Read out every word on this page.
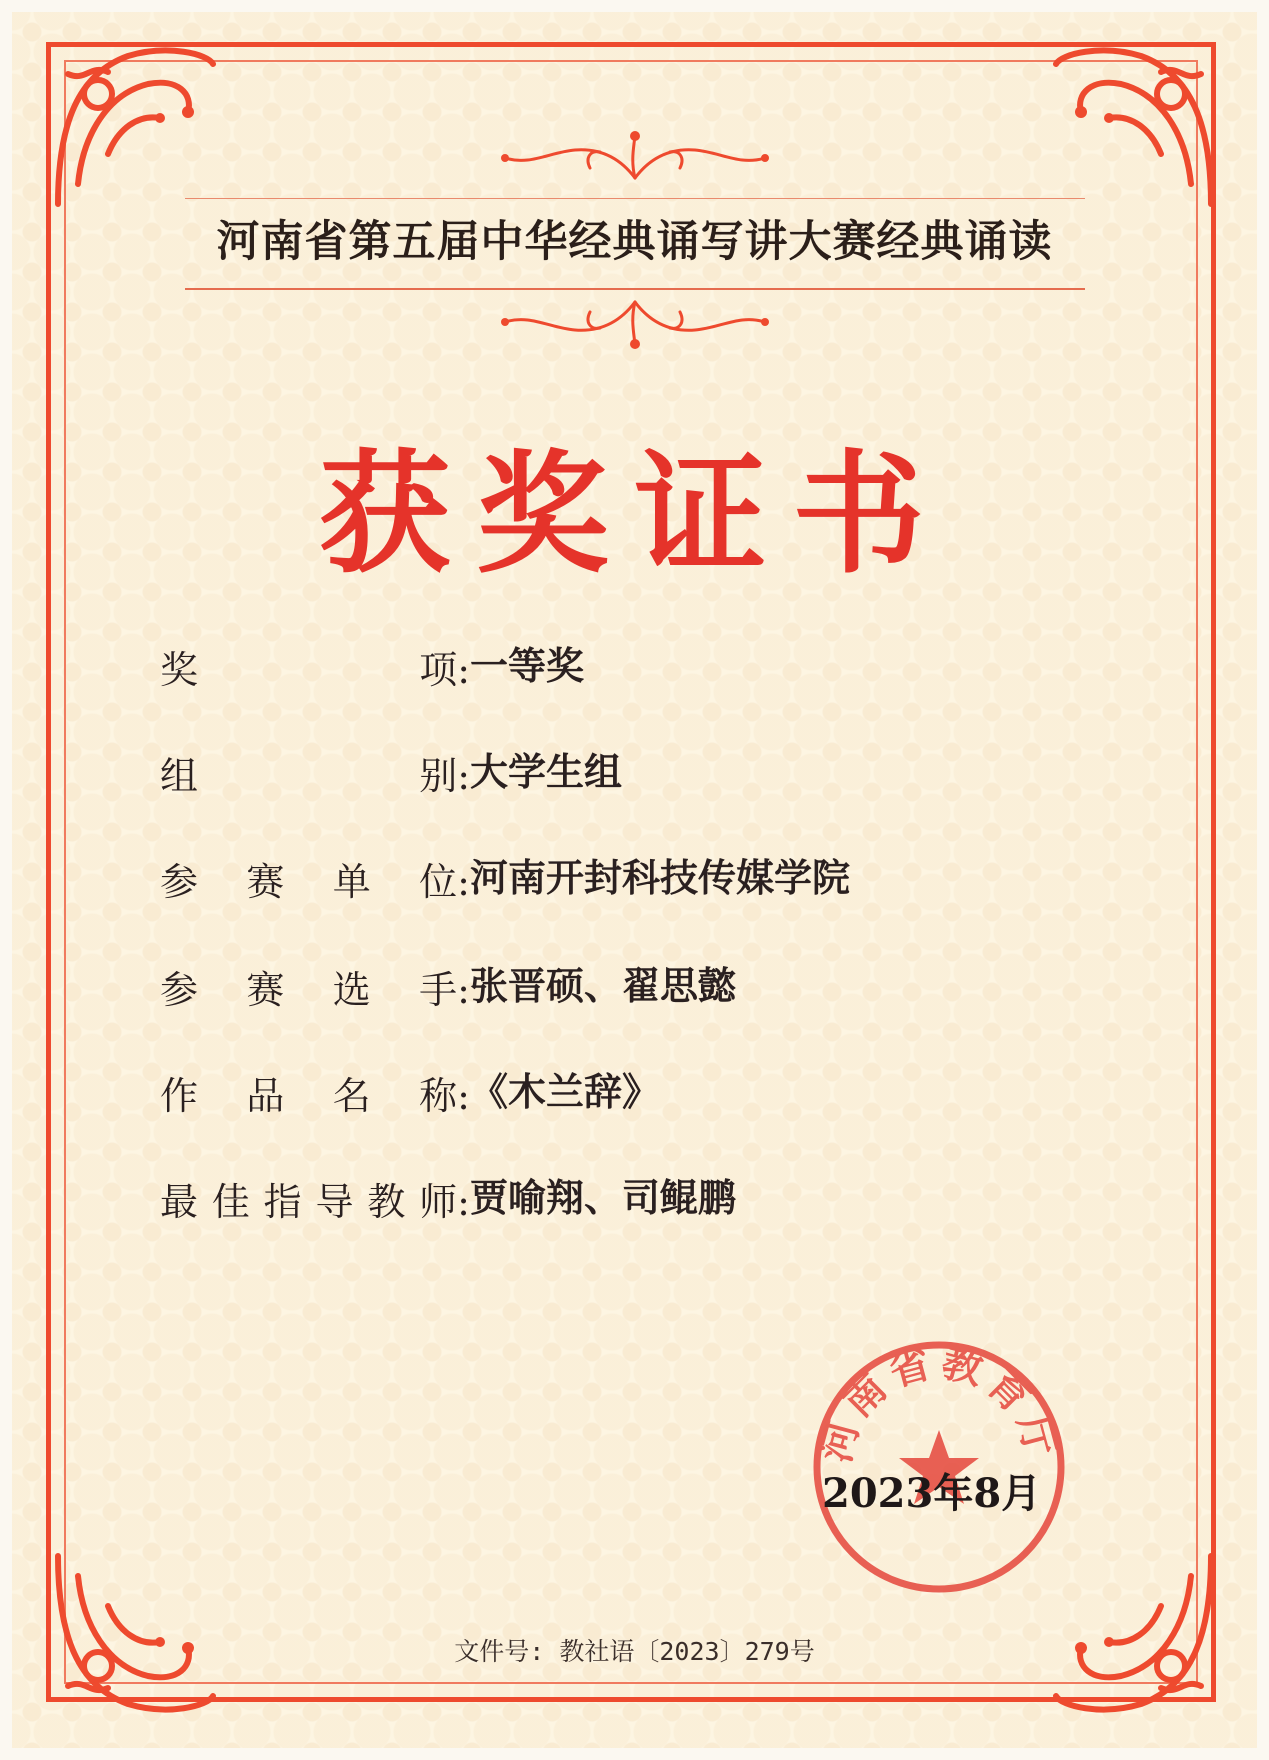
河南省第五届中华经典诵写讲大赛经典诵读
获奖证书
奖	项: 一等奖
组	别: 大学生组
参 赛 单 位: 河南开封科技传媒学院
参 赛 选 手: 张晋硕、翟思懿
作 品 名 称: 《木兰辞》
最 佳 指 导 教 师: 贾喻翔、司鲲鹏
河南省教育厅
2023年8月
文件号: 教社语〔2023〕279号
